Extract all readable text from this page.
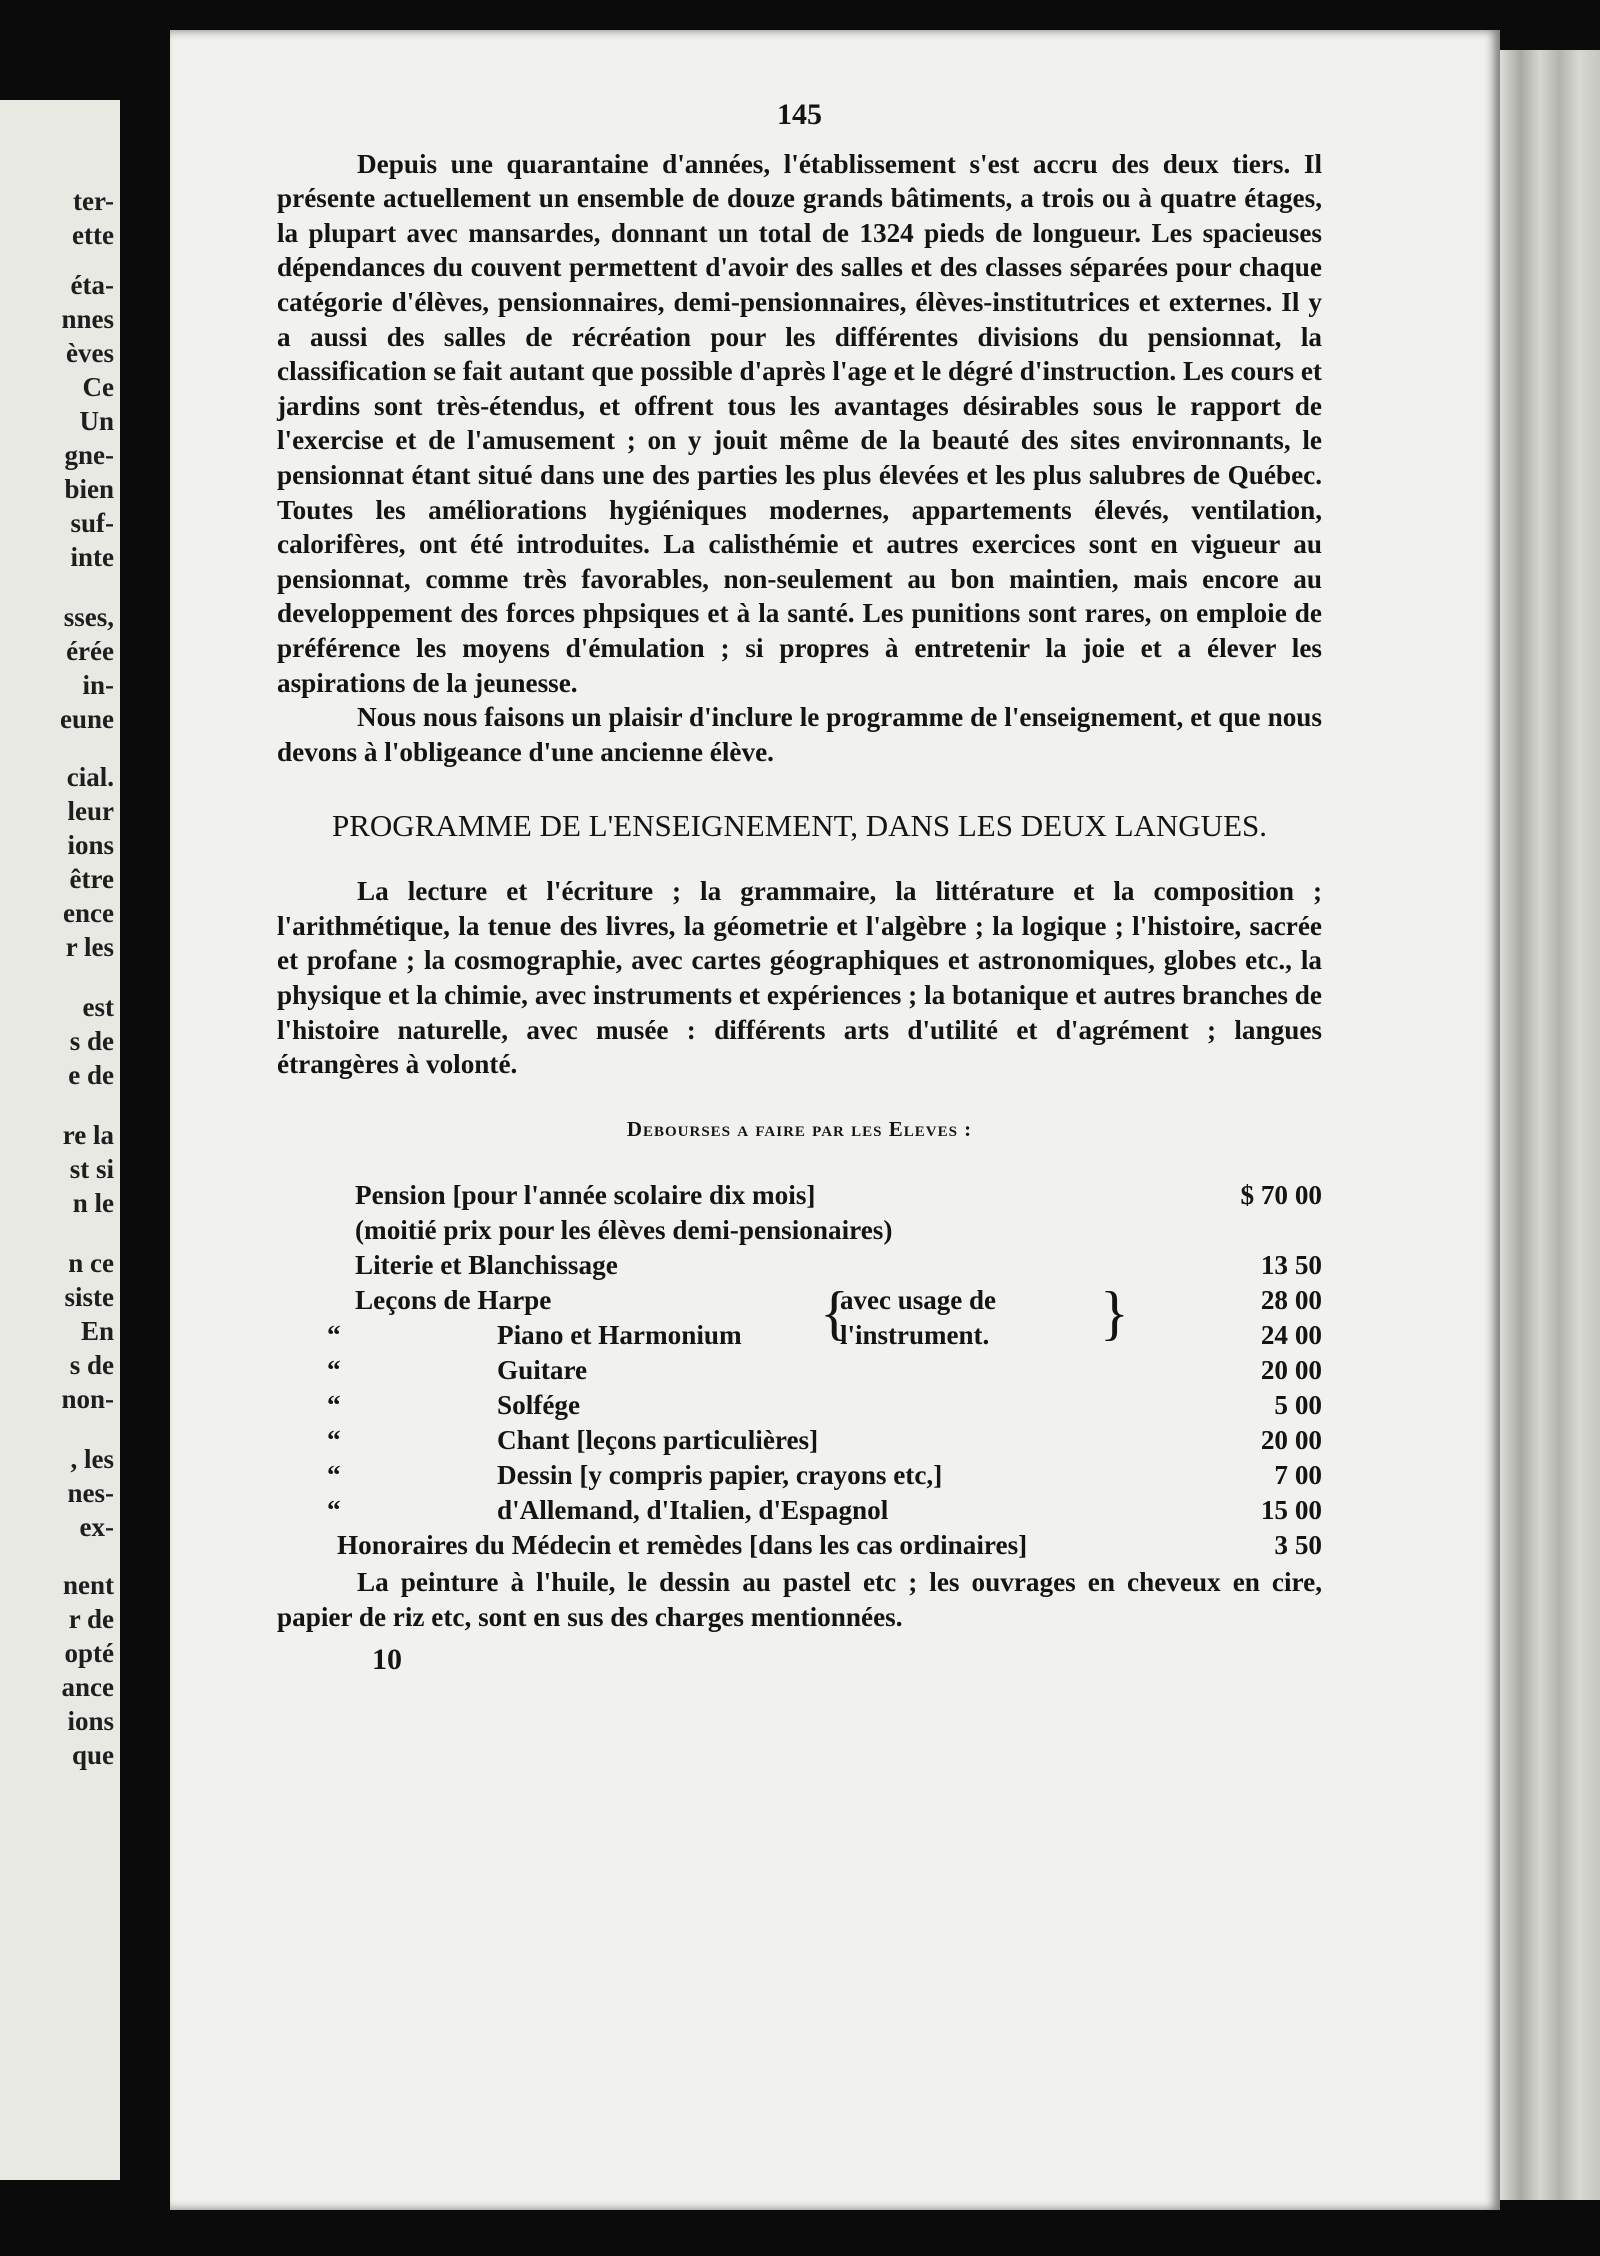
ter-

ette

éta-

nnes

èves

Ce

Un

gne-

bien

suf-

inte

sses,

érée

in-

eune

cial.

leur

ions

être

ence

r les

est

s de

e de

re la

st si

n le

n ce

siste

En

s de

non-

, les

nes-

ex-

nent

r de

opté

ance

ions

que

145

Depuis une quarantaine d'années, l'établissement s'est accru des deux tiers. Il présente actuellement un ensemble de douze grands bâtiments, a trois ou à quatre étages, la plupart avec mansardes, donnant un total de 1324 pieds de longueur. Les spacieuses dépendances du couvent permettent d'avoir des salles et des classes séparées pour chaque catégorie d'élèves, pensionnaires, demi-pensionnaires, élèves-institutrices et externes. Il y a aussi des salles de récréation pour les différentes divisions du pensionnat, la classification se fait autant que possible d'après l'age et le dégré d'instruction. Les cours et jardins sont très-étendus, et offrent tous les avantages désirables sous le rapport de l'exercise et de l'amusement ; on y jouit même de la beauté des sites environnants, le pensionnat étant situé dans une des parties les plus élevées et les plus salubres de Québec. Toutes les améliorations hygiéniques modernes, appartements élevés, ventilation, calorifères, ont été introduites. La calisthémie et autres exercices sont en vigueur au pensionnat, comme très favorables, non-seulement au bon maintien, mais encore au developpement des forces phpsiques et à la santé. Les punitions sont rares, on emploie de préférence les moyens d'émulation ; si propres à entretenir la joie et a élever les aspirations de la jeunesse.

Nous nous faisons un plaisir d'inclure le programme de l'enseignement, et que nous devons à l'obligeance d'une ancienne élève.

PROGRAMME DE L'ENSEIGNEMENT, DANS LES DEUX LANGUES.

La lecture et l'écriture ; la grammaire, la littérature et la composition ; l'arithmétique, la tenue des livres, la géometrie et l'algèbre ; la logique ; l'histoire, sacrée et profane ; la cosmographie, avec cartes géographiques et astronomiques, globes etc., la physique et la chimie, avec instruments et expériences ; la botanique et autres branches de l'histoire naturelle, avec musée : différents arts d'utilité et d'agrément ; langues étrangères à volonté.

Debourses a faire par les Eleves :
Pension [pour l'année scolaire dix mois]	$ 70 00
(moitié prix pour les élèves demi-pensionaires)
Literie et Blanchissage	13 50
Leçons de Harpe	28 00
“	Piano et Harmonium	24 00
“	Guitare	20 00
“	Solfége	5 00
“	Chant [leçons particulières]	20 00
“	Dessin [y compris papier, crayons etc,]	7 00
“	d'Allemand, d'Italien, d'Espagnol	15 00
Honoraires du Médecin et remèdes [dans les cas ordinaires]	3 50
{
avec usage de
l'instrument. }

La peinture à l'huile, le dessin au pastel etc ; les ouvrages en cheveux en cire, papier de riz etc, sont en sus des charges mentionnées.

10
